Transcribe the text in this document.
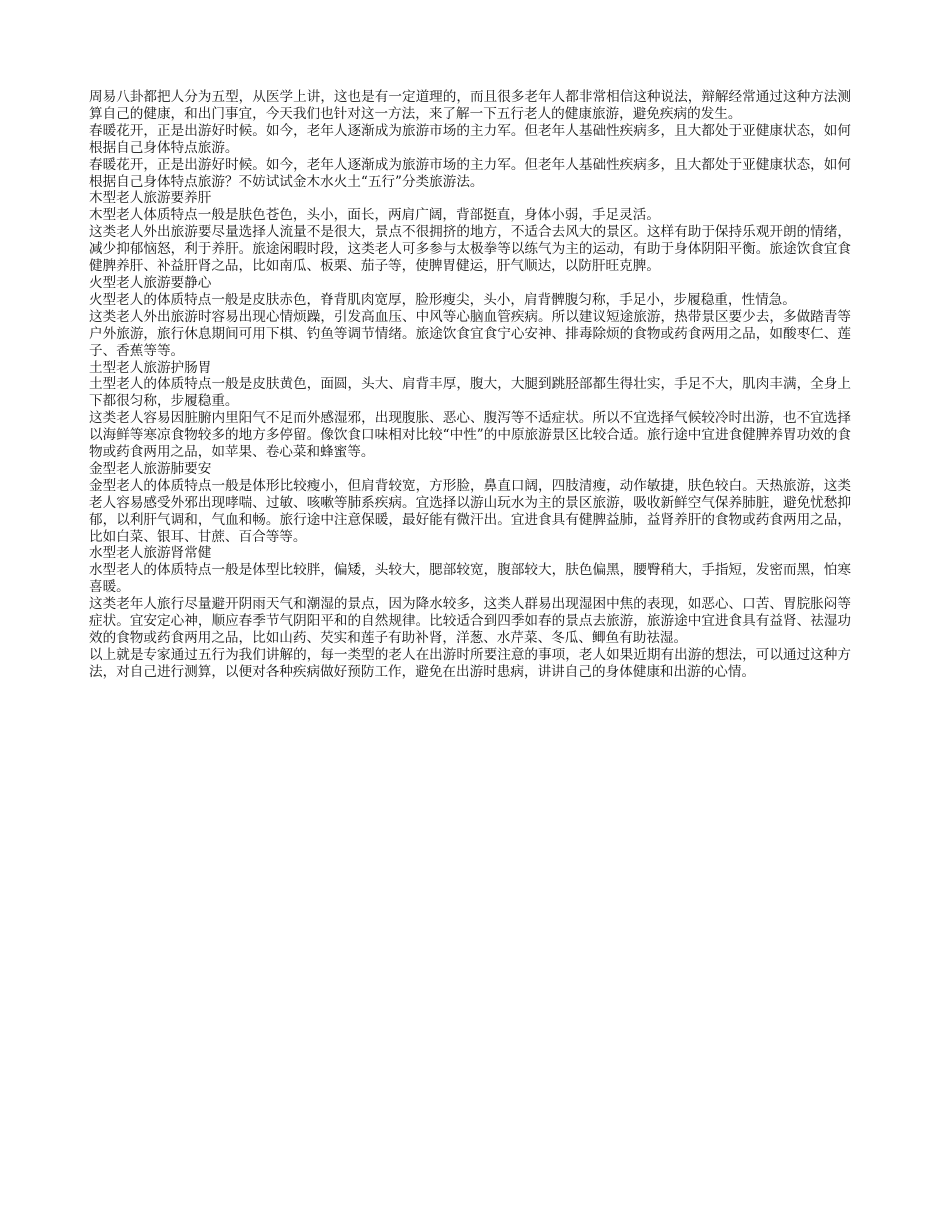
周易八卦都把人分为五型，从医学上讲，这也是有一定道理的，而且很多老年人都非常相信这种说法，辩解经常通过这种方法测算自己的健康，和出门事宜，今天我们也针对这一方法，来了解一下五行老人的健康旅游，避免疾病的发生。

春暖花开，正是出游好时候。如今，老年人逐渐成为旅游市场的主力军。但老年人基础性疾病多，且大都处于亚健康状态，如何根据自己身体特点旅游。

春暖花开，正是出游好时候。如今，老年人逐渐成为旅游市场的主力军。但老年人基础性疾病多，且大都处于亚健康状态，如何根据自己身体特点旅游？不妨试试金木水火土“五行”分类旅游法。

木型老人旅游要养肝

木型老人体质特点一般是肤色苍色，头小，面长，两肩广阔，背部挺直，身体小弱，手足灵活。

这类老人外出旅游要尽量选择人流量不是很大，景点不很拥挤的地方，不适合去风大的景区。这样有助于保持乐观开朗的情绪，减少抑郁恼怒，利于养肝。旅途闲暇时段，这类老人可多参与太极拳等以练气为主的运动，有助于身体阴阳平衡。旅途饮食宜食健脾养肝、补益肝肾之品，比如南瓜、板栗、茄子等，使脾胃健运，肝气顺达，以防肝旺克脾。

火型老人旅游要静心

火型老人的体质特点一般是皮肤赤色，脊背肌肉宽厚，脸形瘦尖，头小，肩背髀腹匀称，手足小，步履稳重，性情急。

这类老人外出旅游时容易出现心情烦躁，引发高血压、中风等心脑血管疾病。所以建议短途旅游，热带景区要少去，多做踏青等户外旅游，旅行休息期间可用下棋、钓鱼等调节情绪。旅途饮食宜食宁心安神、排毒除烦的食物或药食两用之品，如酸枣仁、莲子、香蕉等等。

土型老人旅游护肠胃

土型老人的体质特点一般是皮肤黄色，面圆，头大、肩背丰厚，腹大，大腿到跳胫部都生得壮实，手足不大，肌肉丰满，全身上下都很匀称，步履稳重。

这类老人容易因脏腑内里阳气不足而外感湿邪，出现腹胀、恶心、腹泻等不适症状。所以不宜选择气候较冷时出游，也不宜选择以海鲜等寒凉食物较多的地方多停留。像饮食口味相对比较“中性”的中原旅游景区比较合适。旅行途中宜进食健脾养胃功效的食物或药食两用之品，如苹果、卷心菜和蜂蜜等。

金型老人旅游肺要安

金型老人的体质特点一般是体形比较瘦小，但肩背较宽，方形脸，鼻直口阔，四肢清瘦，动作敏捷，肤色较白。天热旅游，这类老人容易感受外邪出现哮喘、过敏、咳嗽等肺系疾病。宜选择以游山玩水为主的景区旅游，吸收新鲜空气保养肺脏，避免忧愁抑郁，以利肝气调和，气血和畅。旅行途中注意保暖，最好能有微汗出。宜进食具有健脾益肺，益肾养肝的食物或药食两用之品，比如白菜、银耳、甘蔗、百合等等。

水型老人旅游肾常健

水型老人的体质特点一般是体型比较胖，偏矮，头较大，腮部较宽，腹部较大，肤色偏黑，腰臀稍大，手指短，发密而黑，怕寒喜暖。

这类老年人旅行尽量避开阴雨天气和潮湿的景点，因为降水较多，这类人群易出现湿困中焦的表现，如恶心、口苦、胃脘胀闷等症状。宜安定心神，顺应春季节气阴阳平和的自然规律。比较适合到四季如春的景点去旅游，旅游途中宜进食具有益肾、祛湿功效的食物或药食两用之品，比如山药、芡实和莲子有助补肾，洋葱、水芹菜、冬瓜、鲫鱼有助祛湿。

以上就是专家通过五行为我们讲解的，每一类型的老人在出游时所要注意的事项，老人如果近期有出游的想法，可以通过这种方法，对自己进行测算，以便对各种疾病做好预防工作，避免在出游时患病，讲讲自己的身体健康和出游的心情。
